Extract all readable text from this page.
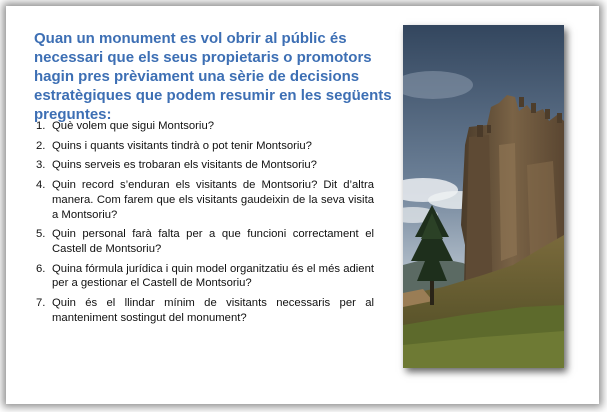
Quan un monument es vol obrir al públic és necessari que els seus propietaris o promotors hagin pres prèviament una sèrie de decisions estratègiques que podem resumir en les següents preguntes:

1. Què volem que sigui Montsoriu?
2. Quins i quants visitants tindrà o pot tenir Montsoriu?
3. Quins serveis es trobaran els visitants de Montsoriu?
4. Quin record s’enduran els visitants de Montsoriu? Dit d’altra manera. Com farem que els visitants gaudeixin de la seva visita a Montsoriu?
5. Quin personal farà falta per a que funcioni correctament el Castell de Montsoriu?
6. Quina fórmula jurídica i quin model organitzatiu és el més adient per a gestionar el Castell de Montsoriu?
7. Quin és el llindar mínim de visitants necessaris per al manteniment sostingut del monument?
